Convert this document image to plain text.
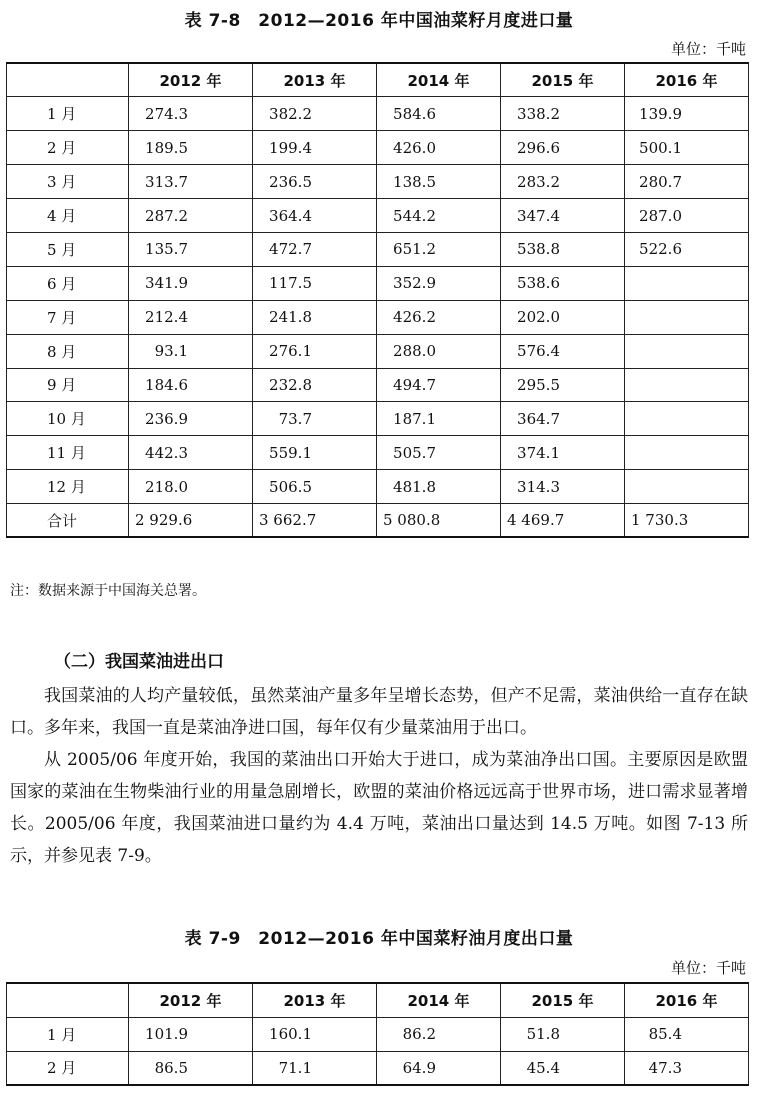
表 7-8　2012—2016 年中国油菜籽月度进口量
单位：千吨
	2012 年	2013 年	2014 年	2015 年	2016 年
1 月	274.3	382.2	584.6	338.2	139.9
2 月	189.5	199.4	426.0	296.6	500.1
3 月	313.7	236.5	138.5	283.2	280.7
4 月	287.2	364.4	544.2	347.4	287.0
5 月	135.7	472.7	651.2	538.8	522.6
6 月	341.9	117.5	352.9	538.6	
7 月	212.4	241.8	426.2	202.0	
8 月	93.1	276.1	288.0	576.4	
9 月	184.6	232.8	494.7	295.5	
10 月	236.9	73.7	187.1	364.7	
11 月	442.3	559.1	505.7	374.1	
12 月	218.0	506.5	481.8	314.3	
合计	2 929.6	3 662.7	5 080.8	4 469.7	1 730.3
注：数据来源于中国海关总署。
（二）我国菜油进出口

我国菜油的人均产量较低，虽然菜油产量多年呈增长态势，但产不足需，菜油供给一直存在缺口。多年来，我国一直是菜油净进口国，每年仅有少量菜油用于出口。

从 2005/06 年度开始，我国的菜油出口开始大于进口，成为菜油净出口国。主要原因是欧盟国家的菜油在生物柴油行业的用量急剧增长，欧盟的菜油价格远远高于世界市场，进口需求显著增长。2005/06 年度，我国菜油进口量约为 4.4 万吨，菜油出口量达到 14.5 万吨。如图 7-13 所示，并参见表 7-9。

表 7-9　2012—2016 年中国菜籽油月度出口量
单位：千吨
	2012 年	2013 年	2014 年	2015 年	2016 年
1 月	101.9	160.1	86.2	51.8	85.4
2 月	86.5	71.1	64.9	45.4	47.3
